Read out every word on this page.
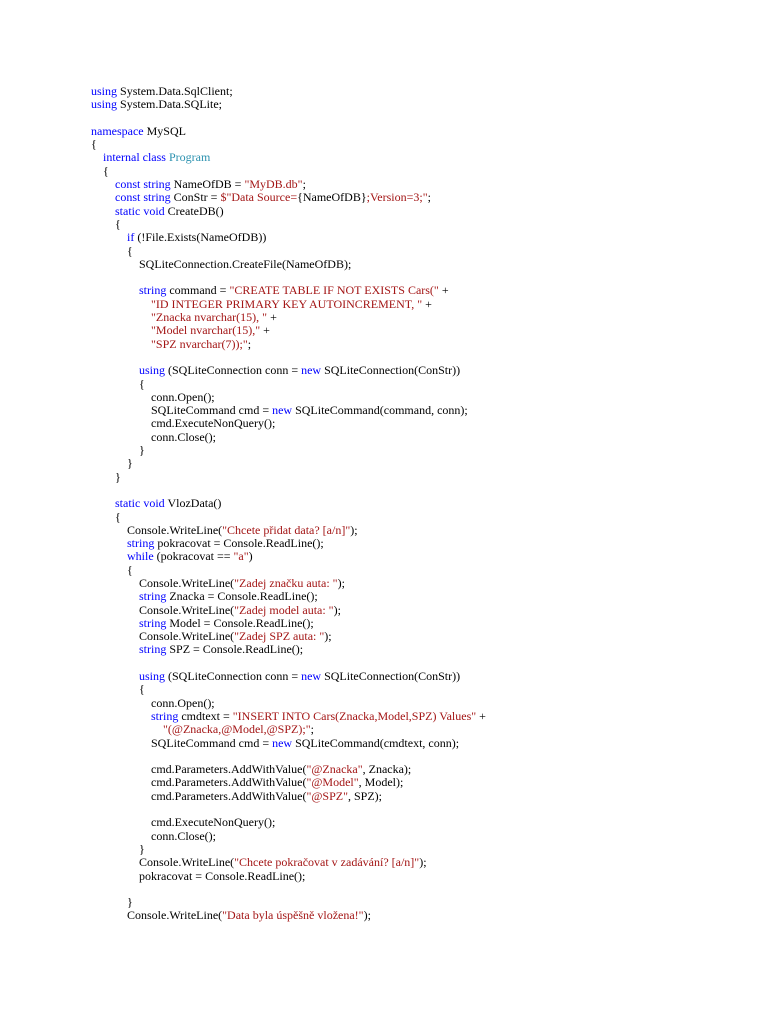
using System.Data.SqlClient;
using System.Data.SQLite;

namespace MySQL
{
internal class Program
{
const string NameOfDB = "MyDB.db";
const string ConStr = $"Data Source={NameOfDB};Version=3;";
static void CreateDB()
{
if (!File.Exists(NameOfDB))
{
SQLiteConnection.CreateFile(NameOfDB);

string command = "CREATE TABLE IF NOT EXISTS Cars(" +
"ID INTEGER PRIMARY KEY AUTOINCREMENT, " +
"Znacka nvarchar(15), " +
"Model nvarchar(15)," +
"SPZ nvarchar(7));";

using (SQLiteConnection conn = new SQLiteConnection(ConStr))
{
conn.Open();
SQLiteCommand cmd = new SQLiteCommand(command, conn);
cmd.ExecuteNonQuery();
conn.Close();
}
}
}

static void VlozData()
{
Console.WriteLine("Chcete přidat data? [a/n]");
string pokracovat = Console.ReadLine();
while (pokracovat == "a")
{
Console.WriteLine("Zadej značku auta: ");
string Znacka = Console.ReadLine();
Console.WriteLine("Zadej model auta: ");
string Model = Console.ReadLine();
Console.WriteLine("Zadej SPZ auta: ");
string SPZ = Console.ReadLine();

using (SQLiteConnection conn = new SQLiteConnection(ConStr))
{
conn.Open();
string cmdtext = "INSERT INTO Cars(Znacka,Model,SPZ) Values" +
"(@Znacka,@Model,@SPZ);";
SQLiteCommand cmd = new SQLiteCommand(cmdtext, conn);

cmd.Parameters.AddWithValue("@Znacka", Znacka);
cmd.Parameters.AddWithValue("@Model", Model);
cmd.Parameters.AddWithValue("@SPZ", SPZ);

cmd.ExecuteNonQuery();
conn.Close();
}
Console.WriteLine("Chcete pokračovat v zadávání? [a/n]");
pokracovat = Console.ReadLine();

}
Console.WriteLine("Data byla úspěšně vložena!");
